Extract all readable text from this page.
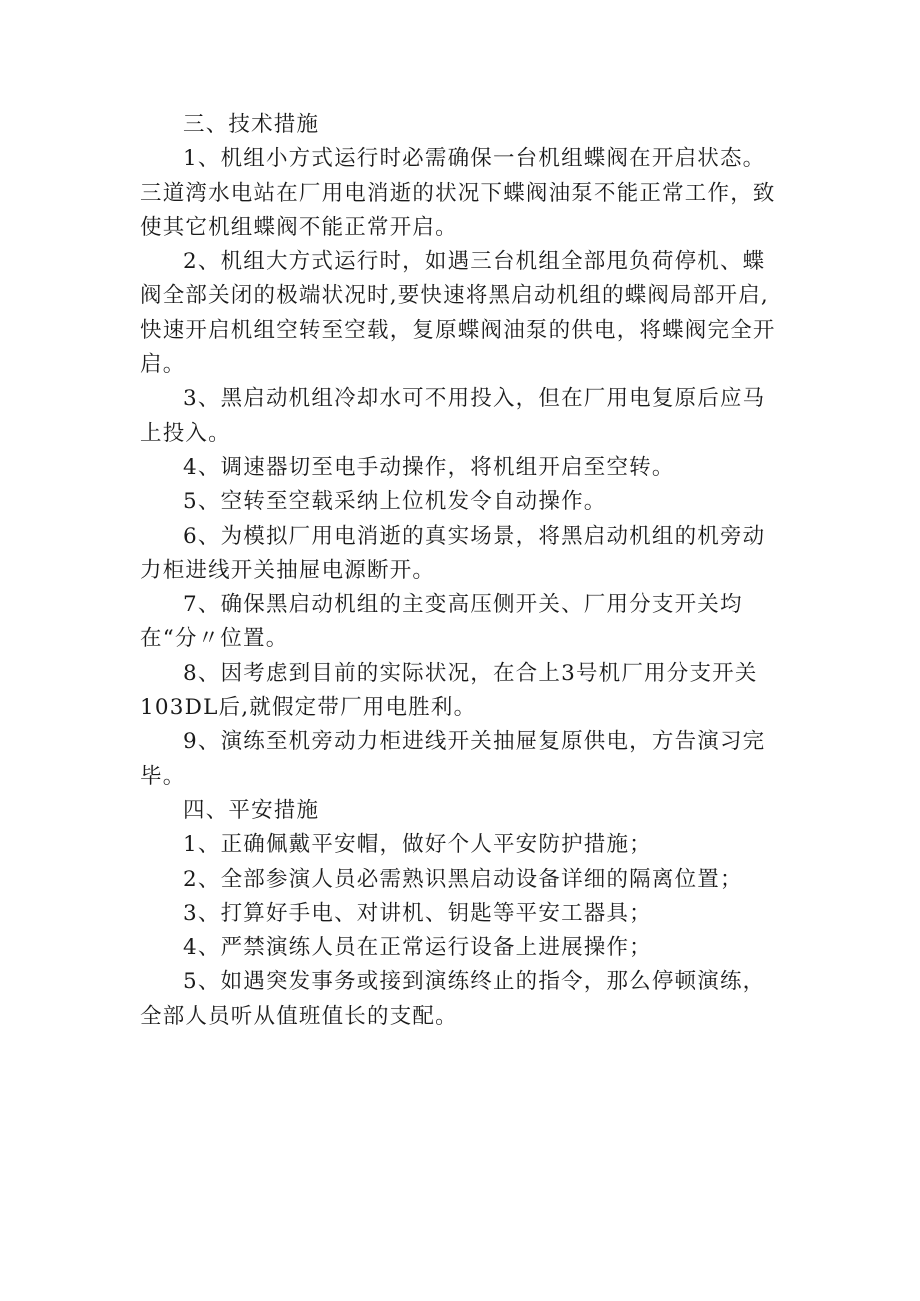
三、技术措施

1、机组小方式运行时必需确保一台机组蝶阀在开启状态。三道湾水电站在厂用电消逝的状况下蝶阀油泵不能正常工作，致使其它机组蝶阀不能正常开启。

2、机组大方式运行时，如遇三台机组全部甩负荷停机、蝶阀全部关闭的极端状况时,要快速将黑启动机组的蝶阀局部开启,快速开启机组空转至空载，复原蝶阀油泵的供电，将蝶阀完全开启。

3、黑启动机组冷却水可不用投入，但在厂用电复原后应马上投入。

4、调速器切至电手动操作，将机组开启至空转。

5、空转至空载采纳上位机发令自动操作。

6、为模拟厂用电消逝的真实场景，将黑启动机组的机旁动力柜进线开关抽屉电源断开。

7、确保黑启动机组的主变高压侧开关、厂用分支开关均在“分〃位置。

8、因考虑到目前的实际状况，在合上3号机厂用分支开关103DL后,就假定带厂用电胜利。

9、演练至机旁动力柜进线开关抽屉复原供电，方告演习完毕。

四、平安措施

1、正确佩戴平安帽，做好个人平安防护措施；

2、全部参演人员必需熟识黑启动设备详细的隔离位置；

3、打算好手电、对讲机、钥匙等平安工器具；

4、严禁演练人员在正常运行设备上进展操作；

5、如遇突发事务或接到演练终止的指令，那么停顿演练，全部人员听从值班值长的支配。
